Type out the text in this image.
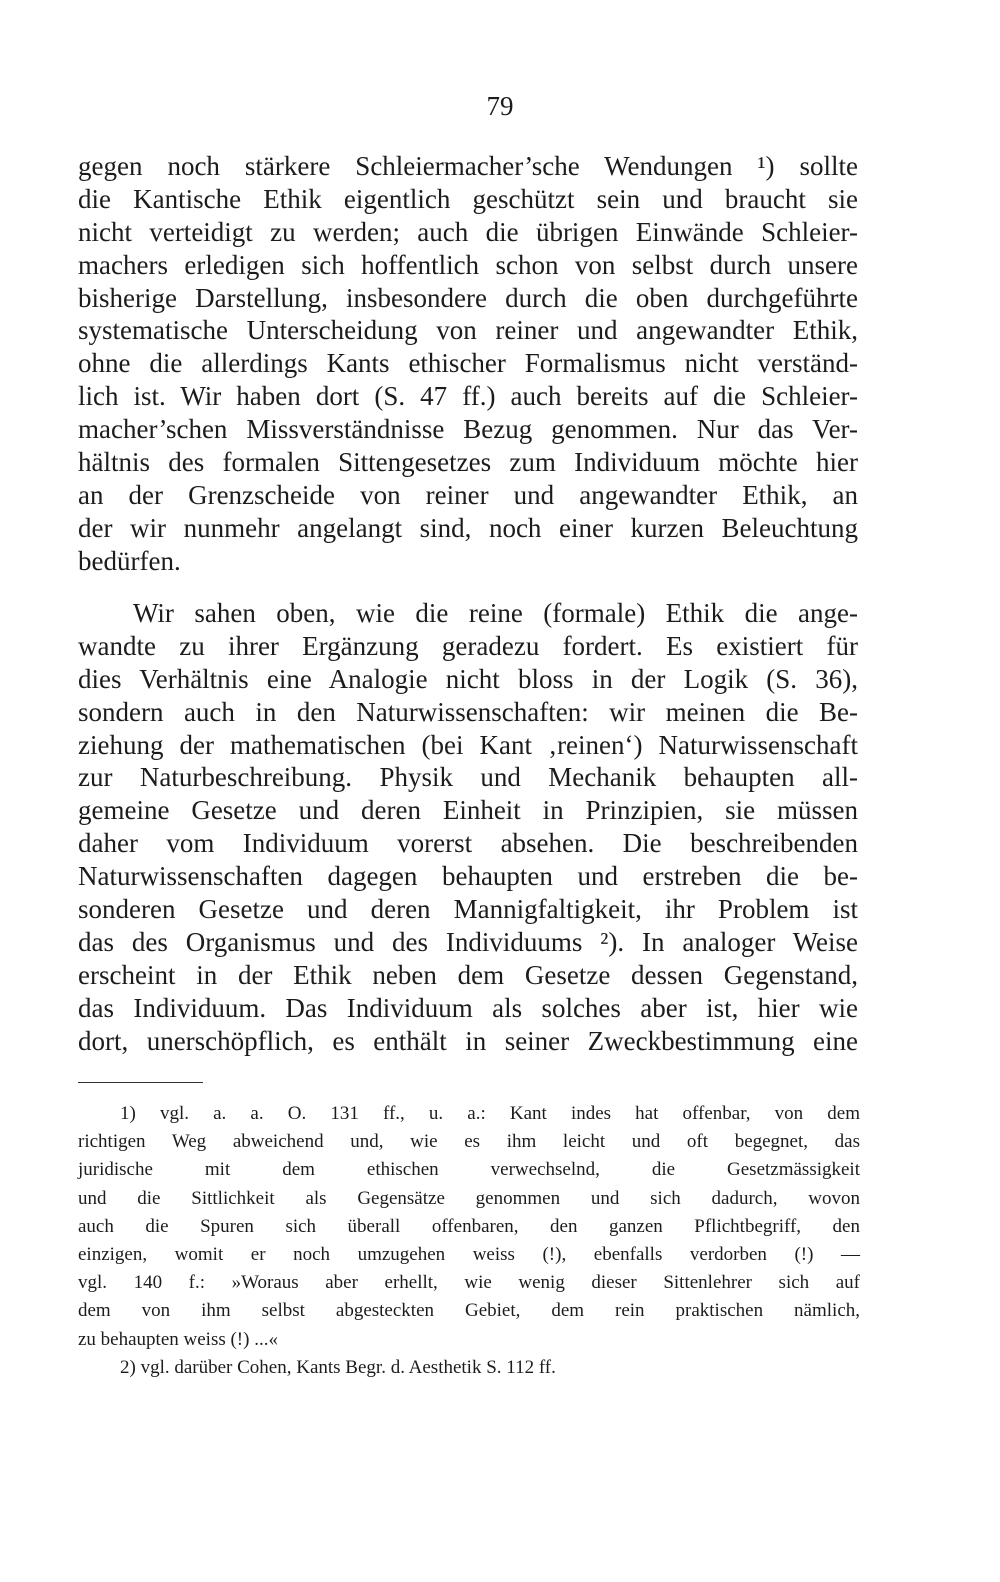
79
gegen noch stärkere Schleiermacher’sche Wendungen ¹) sollte
die Kantische Ethik eigentlich geschützt sein und braucht sie
nicht verteidigt zu werden; auch die übrigen Einwände Schleier-
machers erledigen sich hoffentlich schon von selbst durch unsere
bisherige Darstellung, insbesondere durch die oben durchgeführte
systematische Unterscheidung von reiner und angewandter Ethik,
ohne die allerdings Kants ethischer Formalismus nicht verständ-
lich ist. Wir haben dort (S. 47 ff.) auch bereits auf die Schleier-
macher’schen Missverständnisse Bezug genommen. Nur das Ver-
hältnis des formalen Sittengesetzes zum Individuum möchte hier
an der Grenzscheide von reiner und angewandter Ethik, an
der wir nunmehr angelangt sind, noch einer kurzen Beleuchtung
bedürfen.
Wir sahen oben, wie die reine (formale) Ethik die ange-
wandte zu ihrer Ergänzung geradezu fordert. Es existiert für
dies Verhältnis eine Analogie nicht bloss in der Logik (S. 36),
sondern auch in den Naturwissenschaften: wir meinen die Be-
ziehung der mathematischen (bei Kant ‚reinen‘) Naturwissenschaft
zur Naturbeschreibung. Physik und Mechanik behaupten all-
gemeine Gesetze und deren Einheit in Prinzipien, sie müssen
daher vom Individuum vorerst absehen. Die beschreibenden
Naturwissenschaften dagegen behaupten und erstreben die be-
sonderen Gesetze und deren Mannigfaltigkeit, ihr Problem ist
das des Organismus und des Individuums ²). In analoger Weise
erscheint in der Ethik neben dem Gesetze dessen Gegenstand,
das Individuum. Das Individuum als solches aber ist, hier wie
dort, unerschöpflich, es enthält in seiner Zweckbestimmung eine
1) vgl. a. a. O. 131 ff., u. a.: Kant indes hat offenbar, von dem
richtigen Weg abweichend und, wie es ihm leicht und oft begegnet, das
juridische mit dem ethischen verwechselnd, die Gesetzmässigkeit
und die Sittlichkeit als Gegensätze genommen und sich dadurch, wovon
auch die Spuren sich überall offenbaren, den ganzen Pflichtbegriff, den
einzigen, womit er noch umzugehen weiss (!), ebenfalls verdorben (!) —
vgl. 140 f.: »Woraus aber erhellt, wie wenig dieser Sittenlehrer sich auf
dem von ihm selbst abgesteckten Gebiet, dem rein praktischen nämlich,
zu behaupten weiss (!) ...«
2) vgl. darüber Cohen, Kants Begr. d. Aesthetik S. 112 ff.
